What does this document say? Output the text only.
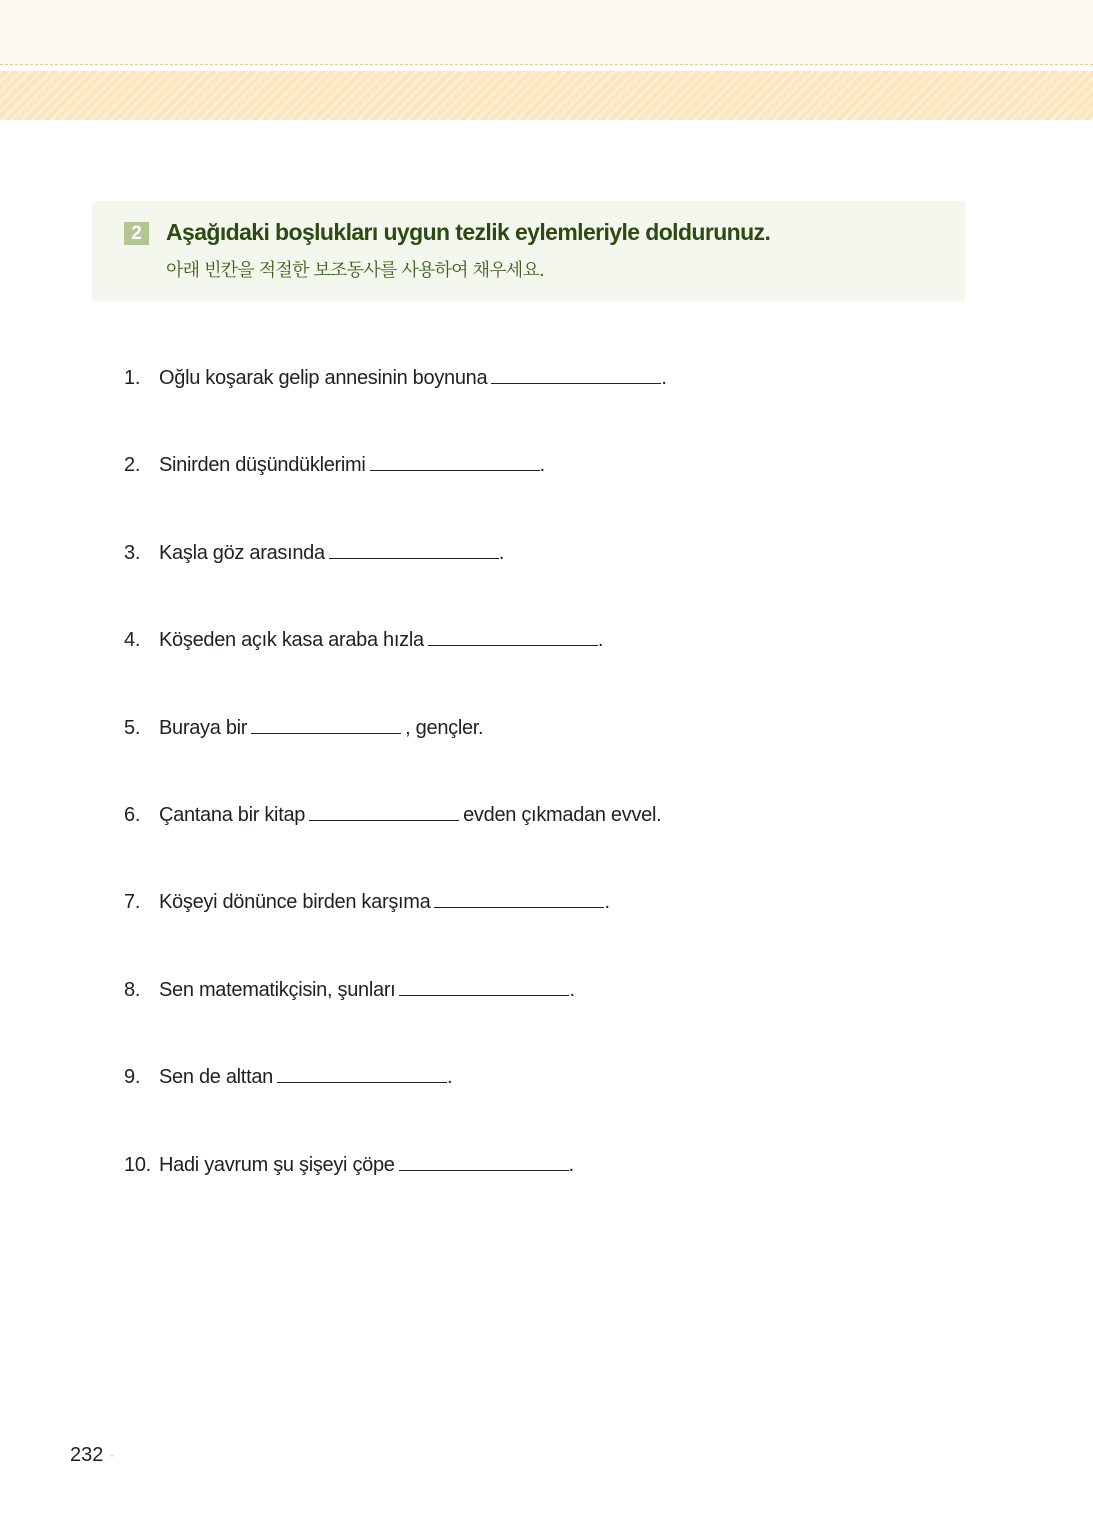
2	Aşağıdaki boşlukları uygun tezlik eylemleriyle doldurunuz.
아래 빈칸을 적절한 보조동사를 사용하여 채우세요.
1. Oğlu koşarak gelip annesinin boynuna	.
2. Sinirden düşündüklerimi	.
3. Kaşla göz arasında	.
4. Köşeden açık kasa araba hızla	.
5. Buraya bir	, gençler.
6. Çantana bir kitap	evden çıkmadan evvel.
7. Köşeyi dönünce birden karşıma	.
8. Sen matematikçisin, şunları	.
9. Sen de alttan	.
10. Hadi yavrum şu şişeyi çöpe	.
232 ·
